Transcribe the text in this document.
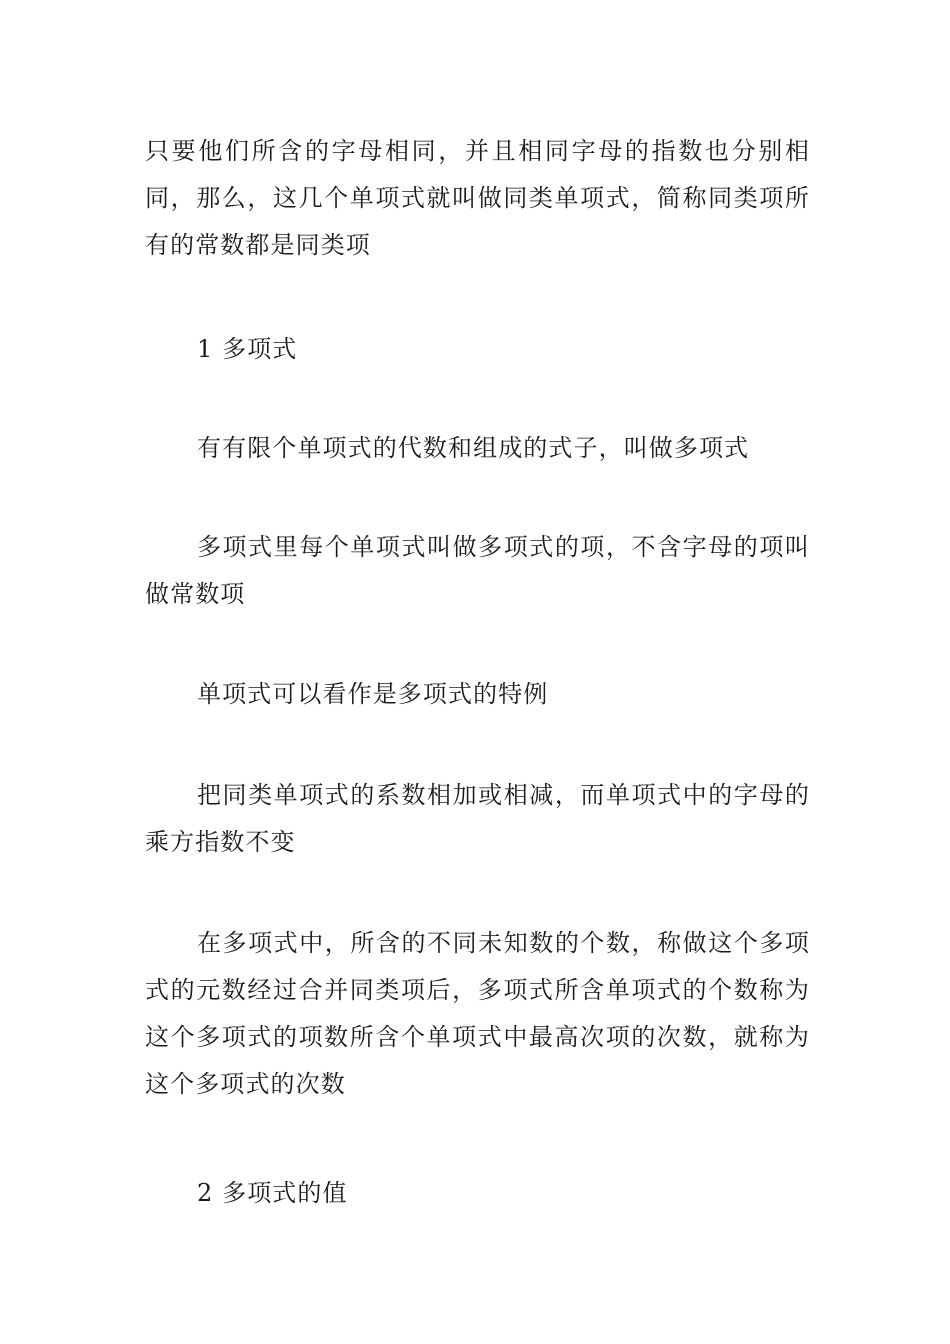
只要他们所含的字母相同，并且相同字母的指数也分别相同，那么，这几个单项式就叫做同类单项式，简称同类项所有的常数都是同类项

1 多项式

有有限个单项式的代数和组成的式子，叫做多项式

多项式里每个单项式叫做多项式的项，不含字母的项叫做常数项

单项式可以看作是多项式的特例

把同类单项式的系数相加或相减，而单项式中的字母的乘方指数不变

在多项式中，所含的不同未知数的个数，称做这个多项式的元数经过合并同类项后，多项式所含单项式的个数称为这个多项式的项数所含个单项式中最高次项的次数，就称为这个多项式的次数

2 多项式的值
